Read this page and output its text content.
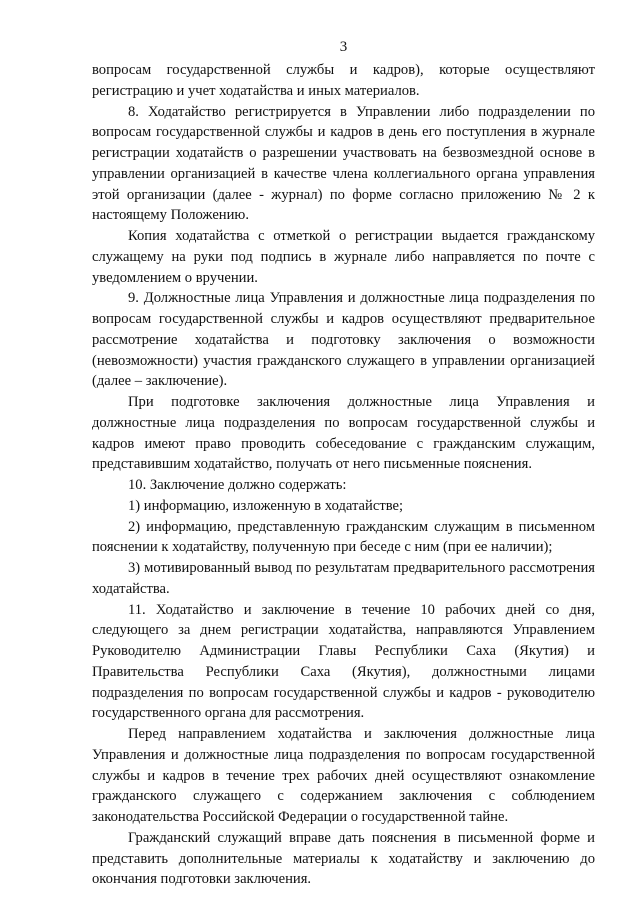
3

вопросам государственной службы и кадров), которые осуществляют регистрацию и учет ходатайства и иных материалов.

8. Ходатайство регистрируется в Управлении либо подразделении по вопросам государственной службы и кадров в день его поступления в журнале регистрации ходатайств о разрешении участвовать на безвозмездной основе в управлении организацией в качестве члена коллегиального органа управления этой организации (далее - журнал) по форме согласно приложению № 2 к настоящему Положению.

Копия ходатайства с отметкой о регистрации выдается гражданскому служащему на руки под подпись в журнале либо направляется по почте с уведомлением о вручении.

9. Должностные лица Управления и должностные лица подразделения по вопросам государственной службы и кадров осуществляют предварительное рассмотрение ходатайства и подготовку заключения о возможности (невозможности) участия гражданского служащего в управлении организацией (далее – заключение).

При подготовке заключения должностные лица Управления и должностные лица подразделения по вопросам государственной службы и кадров имеют право проводить собеседование с гражданским служащим, представившим ходатайство, получать от него письменные пояснения.

10. Заключение должно содержать:

1) информацию, изложенную в ходатайстве;

2) информацию, представленную гражданским служащим в письменном пояснении к ходатайству, полученную при беседе с ним (при ее наличии);

3) мотивированный вывод по результатам предварительного рассмотрения ходатайства.

11. Ходатайство и заключение в течение 10 рабочих дней со дня, следующего за днем регистрации ходатайства, направляются Управлением Руководителю Администрации Главы Республики Саха (Якутия) и Правительства Республики Саха (Якутия), должностными лицами подразделения по вопросам государственной службы и кадров - руководителю государственного органа для рассмотрения.

Перед направлением ходатайства и заключения должностные лица Управления и должностные лица подразделения по вопросам государственной службы и кадров в течение трех рабочих дней осуществляют ознакомление гражданского служащего с содержанием заключения с соблюдением законодательства Российской Федерации о государственной тайне.

Гражданский служащий вправе дать пояснения в письменной форме и представить дополнительные материалы к ходатайству и заключению до окончания подготовки заключения.
